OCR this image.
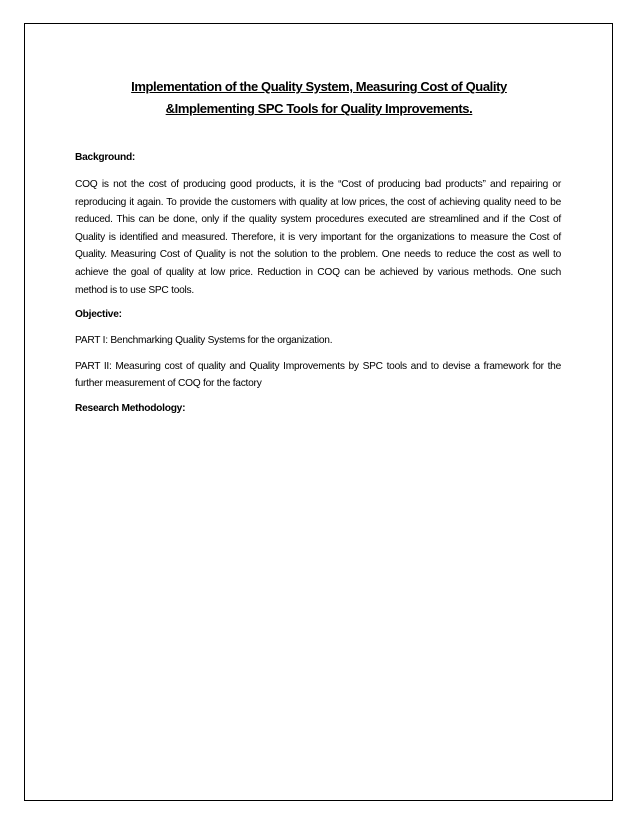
Implementation of the Quality System, Measuring Cost of Quality
&Implementing SPC Tools for Quality Improvements.

Background:

COQ is not the cost of producing good products, it is the “Cost of producing bad products” and repairing or reproducing it again. To provide the customers with quality at low prices, the cost of achieving quality need to be reduced. This can be done, only if the quality system procedures executed are streamlined and if the Cost of Quality is identified and measured. Therefore, it is very important for the organizations to measure the Cost of Quality. Measuring Cost of Quality is not the solution to the problem. One needs to reduce the cost as well to achieve the goal of quality at low price. Reduction in COQ can be achieved by various methods. One such method is to use SPC tools.

Objective:

PART I: Benchmarking Quality Systems for the organization.

PART II: Measuring cost of quality and Quality Improvements by SPC tools and to devise a framework for the further measurement of COQ for the factory

Research Methodology:
